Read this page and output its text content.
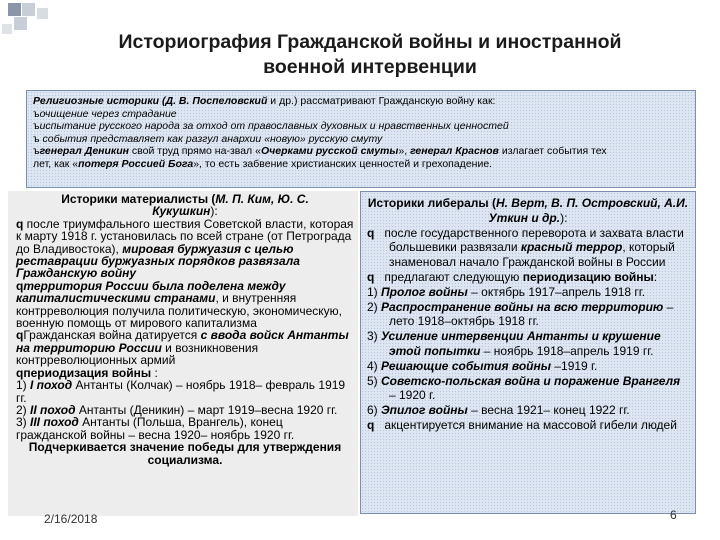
Историография Гражданской войны и иностранной
военной интервенции

Религиозные историки (Д. В. Поспеловский и др.) рассматривают Гражданскую войну как:

ъочищение через страдание

ъиспытание русского народа за отход от православных духовных и нравственных ценностей

ъ события представляет как разгул анархии «новую» русскую смуту

ъгенерал Деникин свой труд прямо на-звал «Очерками русской смуты», генерал Краснов излагает события тех

лет, как «потеря Россией Бога», то есть забвение христианских ценностей и грехопадение.

Историки материалисты (М. П. Ким, Ю. С.
Кукушкин):

q после триумфального шествия Советской власти, которая к марту 1918 г. установилась по всей стране (от Петрограда до Владивостока), мировая буржуазия с целью реставрации буржуазных порядков развязала Гражданскую войну

qтерритория России была поделена между капиталистическими странами, и внутренняя контрреволюция получила политическую, экономическую, военную помощь от мирового капитализма

qГражданская война датируется с ввода войск Антанты на территорию России и возникновения контрреволюционных армий

qпериодизация войны :

1) I поход Антанты (Колчак) – ноябрь 1918– февраль 1919 гг.

2) II поход Антанты (Деникин) – март 1919–весна 1920 гг.

3) III поход Антанты (Польша, Врангель), конец гражданской войны – весна 1920– ноябрь 1920 гг.

Подчеркивается значение победы для утверждения социализма.

Историки либералы (Н. Верт, В. П. Островский, А.И. Уткин и др.):

q после государственного переворота и захвата власти большевики развязали красный террор, который знаменовал начало Гражданской войны в России

q предлагают следующую периодизацию войны:

1) Пролог войны – октябрь 1917–апрель 1918 гг.

2) Распространение войны на всю территорию – лето 1918–октябрь 1918 гг.

3) Усиление интервенции Антанты и крушение этой попытки – ноябрь 1918–апрель 1919 гг.

4) Решающие события войны –1919 г.

5) Советско-польская война и поражение Врангеля – 1920 г.

6) Эпилог войны – весна 1921– конец 1922 гг.

q акцентируется внимание на массовой гибели людей

2/16/2018	6
